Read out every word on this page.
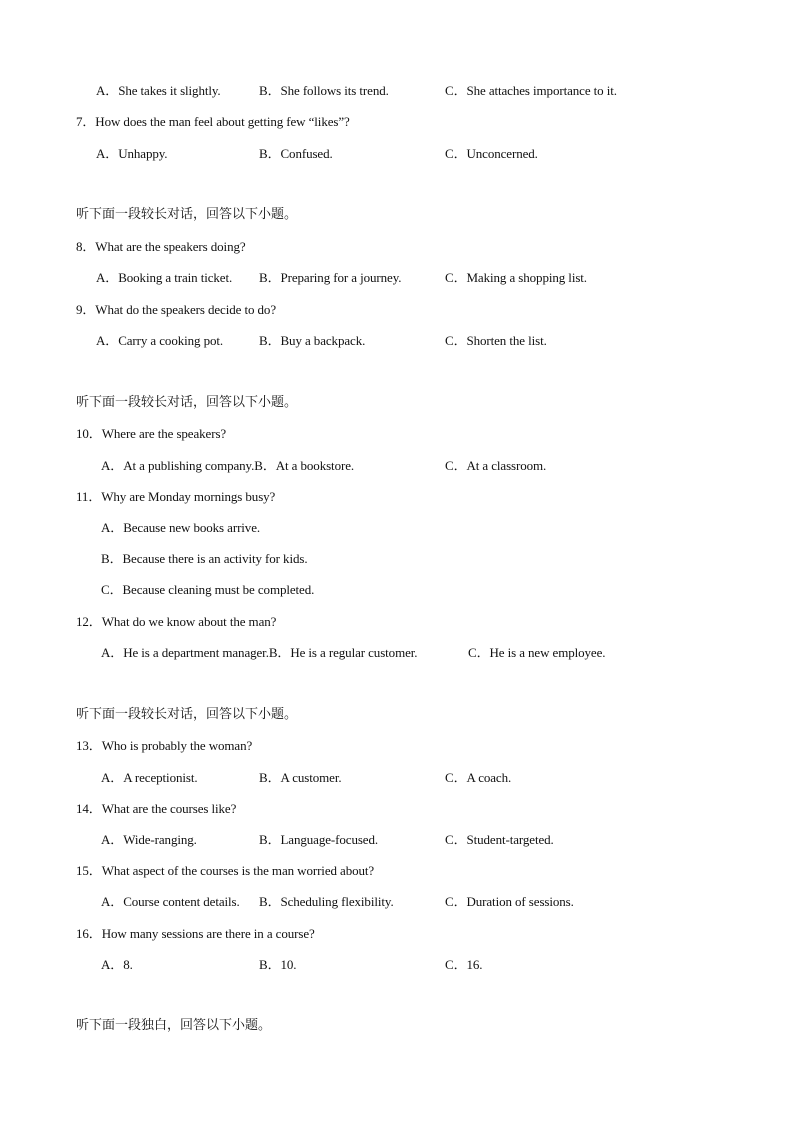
A．She takes it slightly.	B．She follows its trend.	C．She attaches importance to it.
7．How does the man feel about getting few “likes”?
A．Unhappy.	B．Confused.	C．Unconcerned.
听下面一段较长对话，回答以下小题。
8．What are the speakers doing?
A．Booking a train ticket. B．Preparing for a journey.	C．Making a shopping list.
9．What do the speakers decide to do?
A．Carry a cooking pot.	B．Buy a backpack.	C．Shorten the list.
听下面一段较长对话，回答以下小题。
10．Where are the speakers?
A．At a publishing company.B．At a bookstore.	C．At a classroom.
11．Why are Monday mornings busy?
A．Because new books arrive.
B．Because there is an activity for kids.
C．Because cleaning must be completed.
12．What do we know about the man?
A．He is a department manager.B．He is a regular customer.	C．He is a new employee.
听下面一段较长对话，回答以下小题。
13．Who is probably the woman?
A．A receptionist.	B．A customer.	C．A coach.
14．What are the courses like?
A．Wide-ranging.	B．Language-focused.	C．Student-targeted.
15．What aspect of the courses is the man worried about?
A．Course content details. B．Scheduling flexibility.	C．Duration of sessions.
16．How many sessions are there in a course?
A．8.	B．10.	C．16.
听下面一段独白，回答以下小题。
